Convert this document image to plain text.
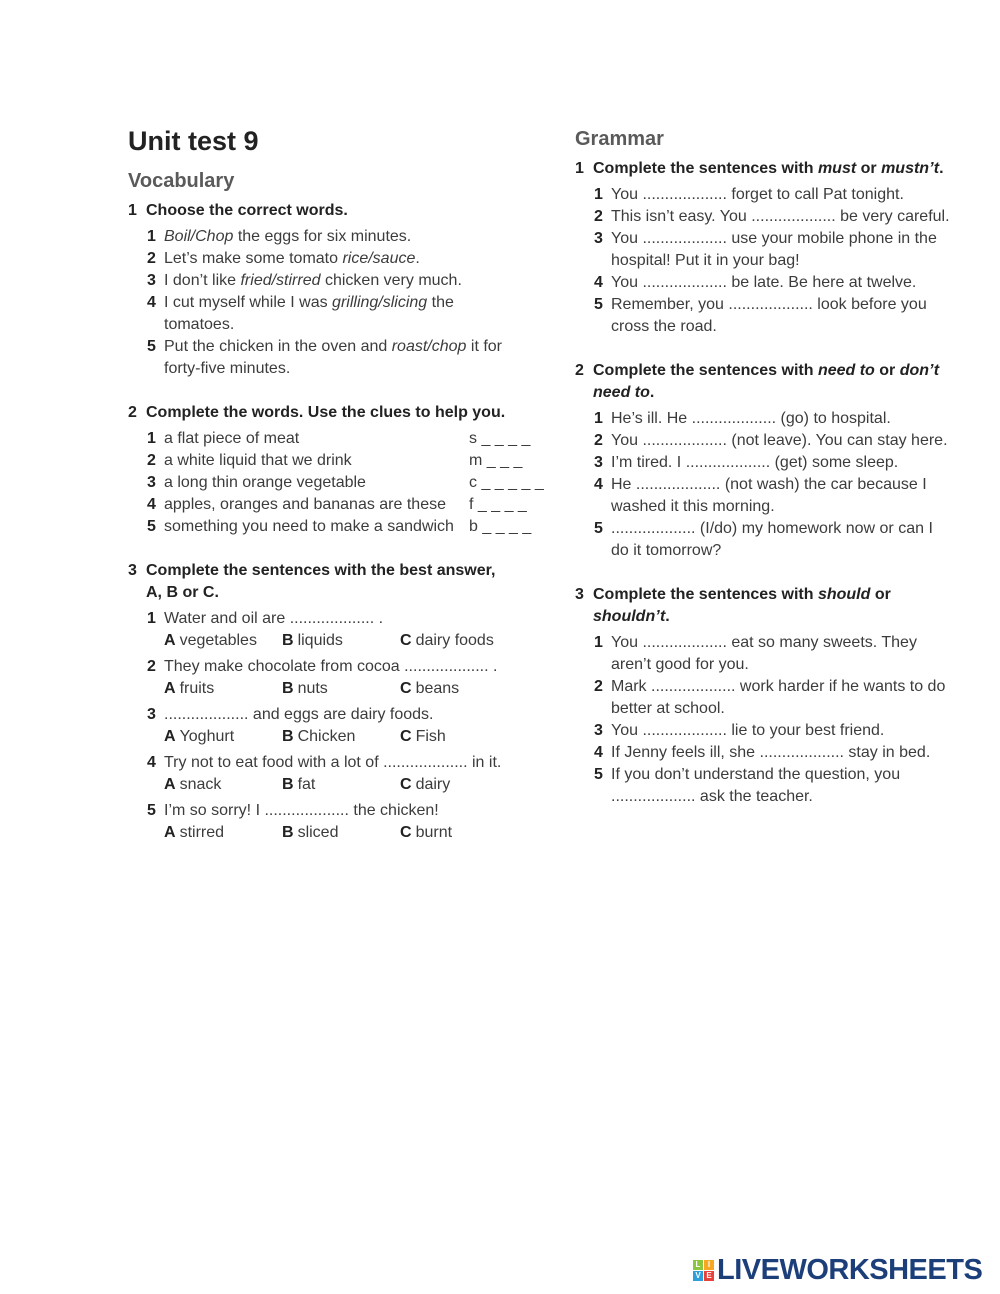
Unit test 9
Vocabulary
1 Choose the correct words.
1 Boil/Chop the eggs for six minutes.
2 Let’s make some tomato rice/sauce.
3 I don’t like fried/stirred chicken very much.
4 I cut myself while I was grilling/slicing the
tomatoes.
5 Put the chicken in the oven and roast/chop it for
forty-five minutes.
2 Complete the words. Use the clues to help you.
1 a flat piece of meat	s _ _ _ _
2 a white liquid that we drink	m _ _ _
3 a long thin orange vegetable	c _ _ _ _ _
4 apples, oranges and bananas are these	f _ _ _ _
5 something you need to make a sandwich b _ _ _ _
3 Complete the sentences with the best answer,
A, B or C.
1 Water and oil are ................... .
A vegetables	B liquids	C dairy foods
2 They make chocolate from cocoa ................... .
A fruits	B nuts	C beans
3 ................... and eggs are dairy foods.
A Yoghurt	B Chicken	C Fish
4 Try not to eat food with a lot of ................... in it.
A snack	B fat	C dairy
5 I’m so sorry! I ................... the chicken!
A stirred	B sliced	C burnt
Grammar
1 Complete the sentences with must or mustn’t.
1 You ................... forget to call Pat tonight.
2 This isn’t easy. You ................... be very careful.
3 You ................... use your mobile phone in the
hospital! Put it in your bag!
4 You ................... be late. Be here at twelve.
5 Remember, you ................... look before you
cross the road.
2 Complete the sentences with need to or don’t
need to.
1 He’s ill. He ................... (go) to hospital.
2 You ................... (not leave). You can stay here.
3 I’m tired. I ................... (get) some sleep.
4 He ................... (not wash) the car because I
washed it this morning.
5 ................... (I/do) my homework now or can I
do it tomorrow?
3 Complete the sentences with should or
shouldn’t.
1 You ................... eat so many sweets. They
aren’t good for you.
2 Mark ................... work harder if he wants to do
better at school.
3 You ................... lie to your best friend.
4 If Jenny feels ill, she ................... stay in bed.
5 If you don’t understand the question, you
................... ask the teacher.
L I
V E LIVEWORKSHEETS
